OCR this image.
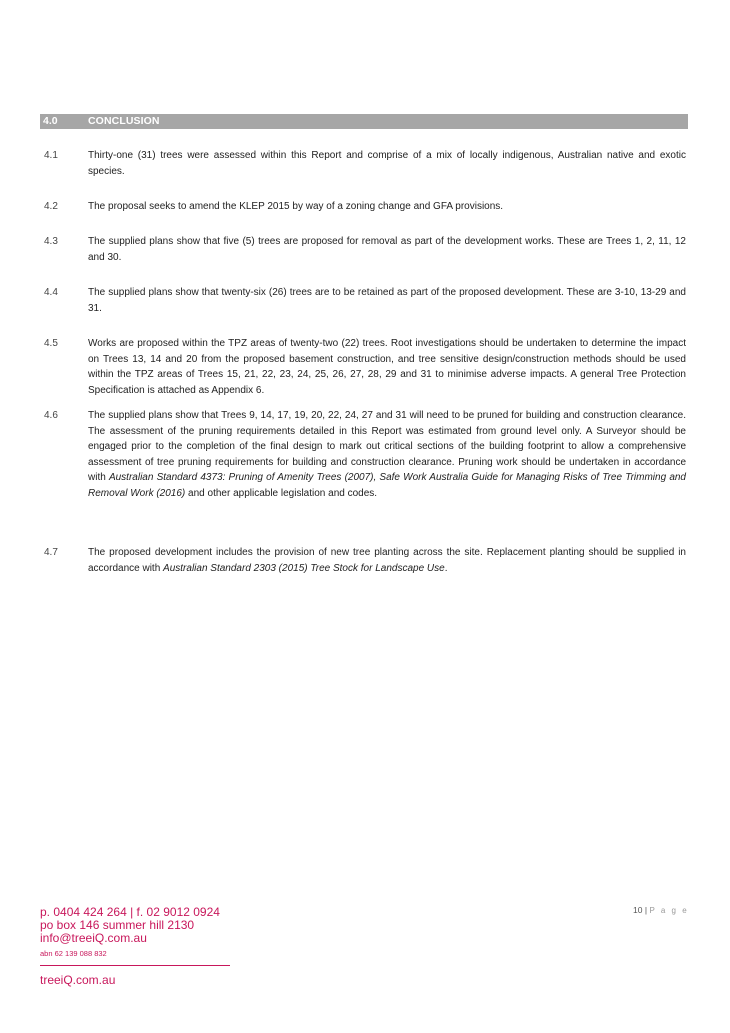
4.0	CONCLUSION
4.1	Thirty-one (31) trees were assessed within this Report and comprise of a mix of locally indigenous, Australian native and exotic species.
4.2	The proposal seeks to amend the KLEP 2015 by way of a zoning change and GFA provisions.
4.3	The supplied plans show that five (5) trees are proposed for removal as part of the development works. These are Trees 1, 2, 11, 12 and 30.
4.4	The supplied plans show that twenty-six (26) trees are to be retained as part of the proposed development. These are 3-10, 13-29 and 31.
4.5	Works are proposed within the TPZ areas of twenty-two (22) trees. Root investigations should be undertaken to determine the impact on Trees 13, 14 and 20 from the proposed basement construction, and tree sensitive design/construction methods should be used within the TPZ areas of Trees 15, 21, 22, 23, 24, 25, 26, 27, 28, 29 and 31 to minimise adverse impacts. A general Tree Protection Specification is attached as Appendix 6.
4.6	The supplied plans show that Trees 9, 14, 17, 19, 20, 22, 24, 27 and 31 will need to be pruned for building and construction clearance. The assessment of the pruning requirements detailed in this Report was estimated from ground level only. A Surveyor should be engaged prior to the completion of the final design to mark out critical sections of the building footprint to allow a comprehensive assessment of tree pruning requirements for building and construction clearance. Pruning work should be undertaken in accordance with Australian Standard 4373: Pruning of Amenity Trees (2007), Safe Work Australia Guide for Managing Risks of Tree Trimming and Removal Work (2016) and other applicable legislation and codes.
4.7	The proposed development includes the provision of new tree planting across the site. Replacement planting should be supplied in accordance with Australian Standard 2303 (2015) Tree Stock for Landscape Use.
p. 0404 424 264 | f. 02 9012 0924
po box 146 summer hill 2130
info@treeiQ.com.au
abn 62 139 088 832
treeiQ.com.au
10 | P a g e
